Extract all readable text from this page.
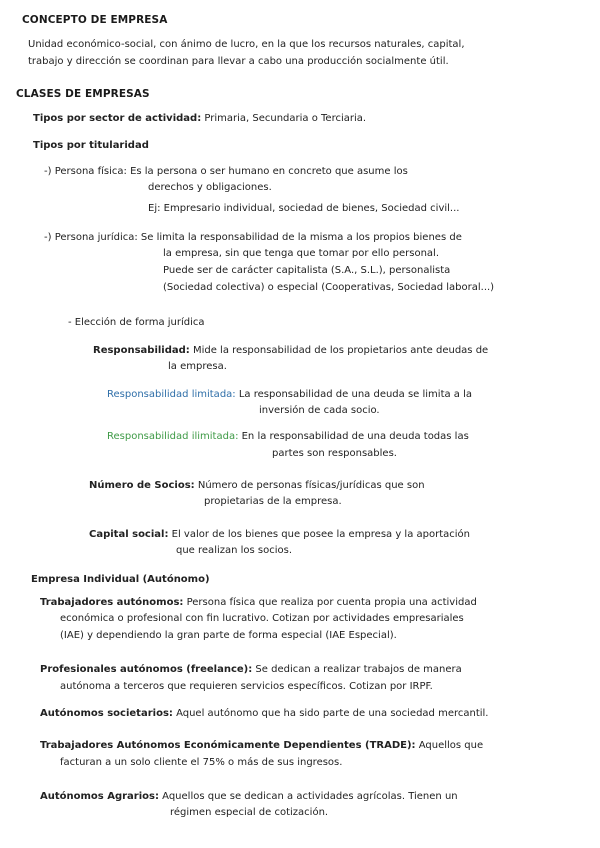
CONCEPTO DE EMPRESA
Unidad económico-social, con ánimo de lucro, en la que los recursos naturales, capital,
trabajo y dirección se coordinan para llevar a cabo una producción socialmente útil.
CLASES DE EMPRESAS
Tipos por sector de actividad: Primaria, Secundaria o Terciaria.
Tipos por titularidad
-) Persona física: Es la persona o ser humano en concreto que asume los
derechos y obligaciones.
Ej: Empresario individual, sociedad de bienes, Sociedad civil...
-) Persona jurídica: Se limita la responsabilidad de la misma a los propios bienes de
la empresa, sin que tenga que tomar por ello personal.
Puede ser de carácter capitalista (S.A., S.L.), personalista
(Sociedad colectiva) o especial (Cooperativas, Sociedad laboral...)
- Elección de forma jurídica
Responsabilidad: Mide la responsabilidad de los propietarios ante deudas de
la empresa.
Responsabilidad limitada: La responsabilidad de una deuda se limita a la
inversión de cada socio.
Responsabilidad ilimitada: En la responsabilidad de una deuda todas las
partes son responsables.
Número de Socios: Número de personas físicas/jurídicas que son
propietarias de la empresa.
Capital social: El valor de los bienes que posee la empresa y la aportación
que realizan los socios.
Empresa Individual (Autónomo)
Trabajadores autónomos: Persona física que realiza por cuenta propia una actividad
económica o profesional con fin lucrativo. Cotizan por actividades empresariales
(IAE) y dependiendo la gran parte de forma especial (IAE Especial).
Profesionales autónomos (freelance): Se dedican a realizar trabajos de manera
autónoma a terceros que requieren servicios específicos. Cotizan por IRPF.
Autónomos societarios: Aquel autónomo que ha sido parte de una sociedad mercantil.
Trabajadores Autónomos Económicamente Dependientes (TRADE): Aquellos que
facturan a un solo cliente el 75% o más de sus ingresos.
Autónomos Agrarios: Aquellos que se dedican a actividades agrícolas. Tienen un
régimen especial de cotización.
